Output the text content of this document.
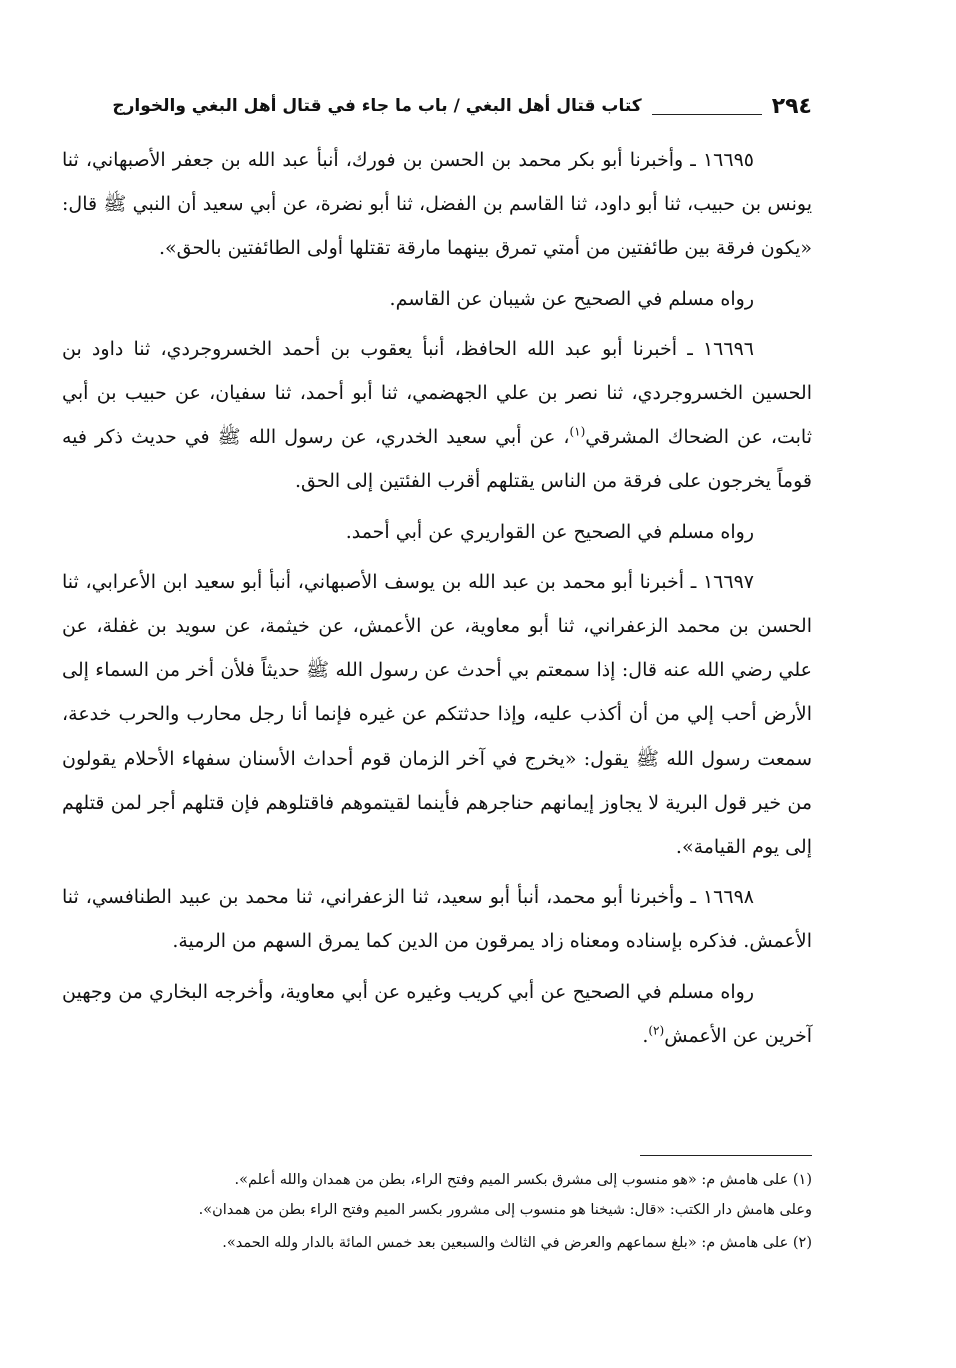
٢٩٤
كتاب قتال أهل البغي / باب ما جاء في قتال أهل البغي والخوارج

١٦٦٩٥ ـ وأخبرنا أبو بكر محمد بن الحسن بن فورك، أنبأ عبد الله بن جعفر الأصبهاني، ثنا يونس بن حبيب، ثنا أبو داود، ثنا القاسم بن الفضل، ثنا أبو نضرة، عن أبي سعيد أن النبي ﷺ قال: «يكون فرقة بين طائفتين من أمتي تمرق بينهما مارقة تقتلها أولى الطائفتين بالحق».

رواه مسلم في الصحيح عن شيبان عن القاسم.

١٦٦٩٦ ـ أخبرنا أبو عبد الله الحافظ، أنبأ يعقوب بن أحمد الخسروجردي، ثنا داود بن الحسين الخسروجردي، ثنا نصر بن علي الجهضمي، ثنا أبو أحمد، ثنا سفيان، عن حبيب بن أبي ثابت، عن الضحاك المشرقي$^{(١)}$، عن أبي سعيد الخدري، عن رسول الله ﷺ في حديث ذكر فيه قوماً يخرجون على فرقة من الناس يقتلهم أقرب الفئتين إلى الحق.

رواه مسلم في الصحيح عن القواريري عن أبي أحمد.

١٦٦٩٧ ـ أخبرنا أبو محمد بن عبد الله بن يوسف الأصبهاني، أنبأ أبو سعيد ابن الأعرابي، ثنا الحسن بن محمد الزعفراني، ثنا أبو معاوية، عن الأعمش، عن خيثمة، عن سويد بن غفلة، عن علي رضي الله عنه قال: إذا سمعتم بي أحدث عن رسول الله ﷺ حديثاً فلأن أخر من السماء إلى الأرض أحب إلي من أن أكذب عليه، وإذا حدثتكم عن غيره فإنما أنا رجل محارب والحرب خدعة، سمعت رسول الله ﷺ يقول: «يخرج في آخر الزمان قوم أحداث الأسنان سفهاء الأحلام يقولون من خير قول البرية لا يجاوز إيمانهم حناجرهم فأينما لقيتموهم فاقتلوهم فإن قتلهم أجر لمن قتلهم إلى يوم القيامة».

١٦٦٩٨ ـ وأخبرنا أبو محمد، أنبأ أبو سعيد، ثنا الزعفراني، ثنا محمد بن عبيد الطنافسي، ثنا الأعمش. فذكره بإسناده ومعناه زاد يمرقون من الدين كما يمرق السهم من الرمية.

رواه مسلم في الصحيح عن أبي كريب وغيره عن أبي معاوية، وأخرجه البخاري من وجهين آخرين عن الأعمش$^{(٢)}$.

(١) على هامش م: «هو منسوب إلى مشرق بكسر الميم وفتح الراء، بطن من همدان والله أعلم».

وعلى هامش دار الكتب: «قال: شيخنا هو منسوب إلى مشرور بكسر الميم وفتح الراء بطن من همدان».

(٢) على هامش م: «بلغ سماعهم والعرض في الثالث والسبعين بعد خمس المائة بالدار ولله الحمد».
